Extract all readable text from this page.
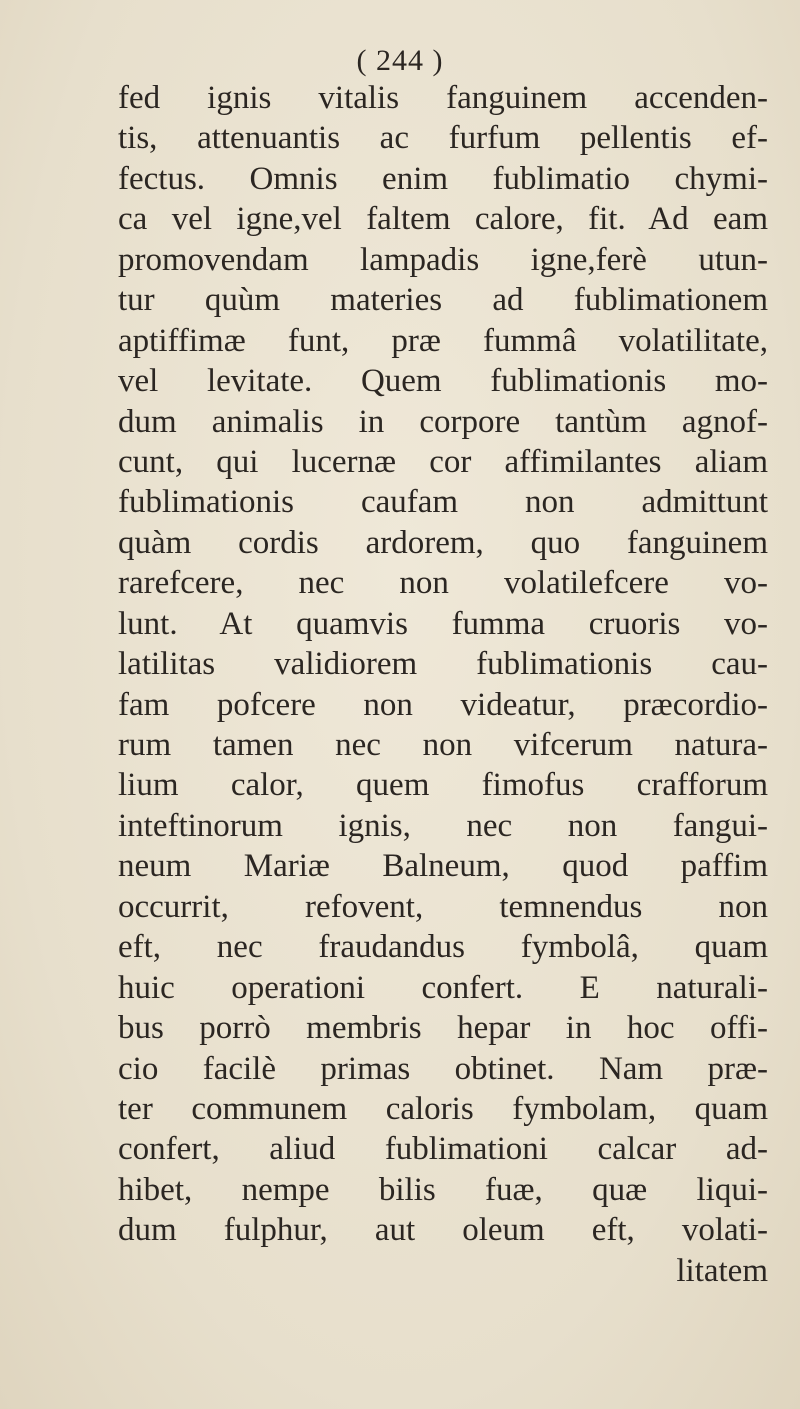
( 244 )
fed ignis vitalis fanguinem accenden-
tis, attenuantis ac furfum pellentis ef-
fectus. Omnis enim fublimatio chymi-
ca vel igne,vel faltem calore, fit. Ad eam
promovendam lampadis igne,ferè utun-
tur quùm materies ad fublimationem
aptiffimæ funt, præ fummâ volatilitate,
vel levitate. Quem fublimationis mo-
dum animalis in corpore tantùm agnof-
cunt, qui lucernæ cor affimilantes aliam
fublimationis caufam non admittunt
quàm cordis ardorem, quo fanguinem
rarefcere, nec non volatilefcere vo-
lunt. At quamvis fumma cruoris vo-
latilitas validiorem fublimationis cau-
fam pofcere non videatur, præcordio-
rum tamen nec non vifcerum natura-
lium calor, quem fimofus crafforum
inteftinorum ignis, nec non fangui-
neum Mariæ Balneum, quod paffim
occurrit, refovent, temnendus non
eft, nec fraudandus fymbolâ, quam
huic operationi confert. E naturali-
bus porrò membris hepar in hoc offi-
cio facilè primas obtinet. Nam præ-
ter communem caloris fymbolam, quam
confert, aliud fublimationi calcar ad-
hibet, nempe bilis fuæ, quæ liqui-
dum fulphur, aut oleum eft, volati-
litatem
